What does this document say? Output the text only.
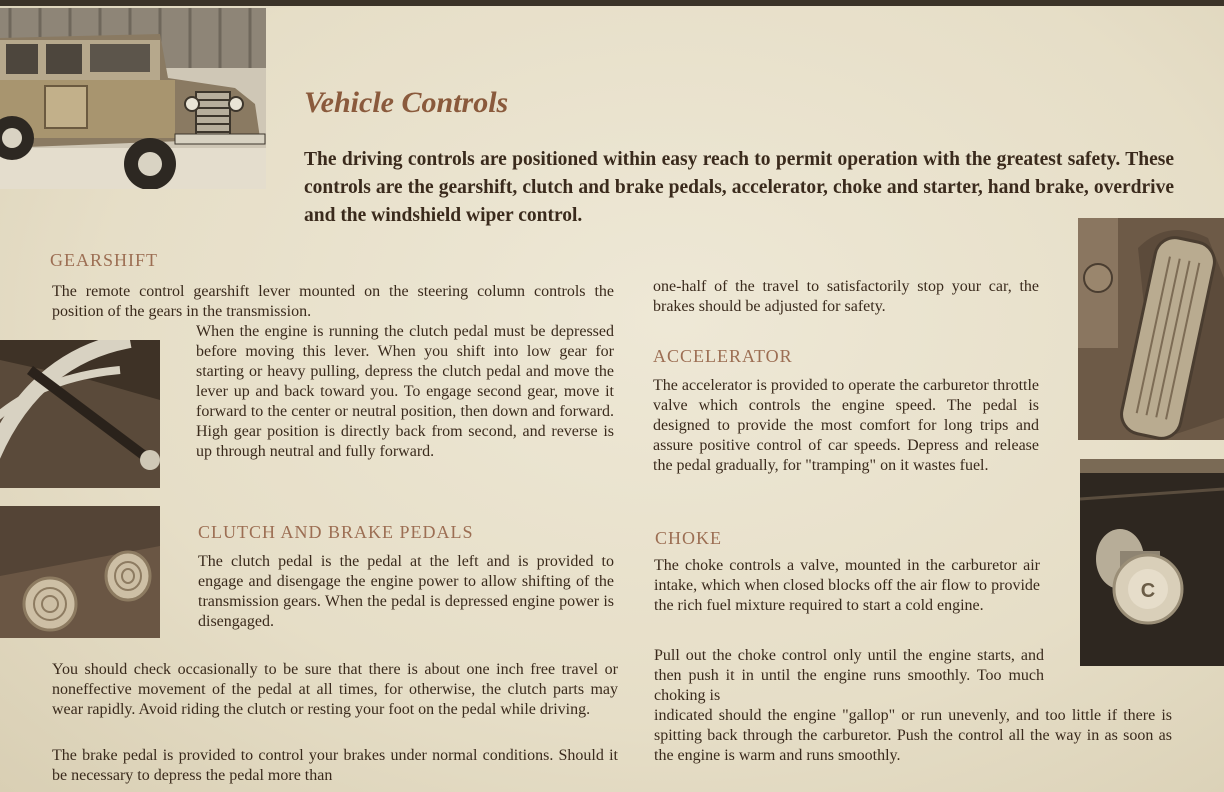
Vehicle Controls

The driving controls are positioned within easy reach to permit operation with the greatest safety. These controls are the gearshift, clutch and brake pedals, accelerator, choke and starter, hand brake, overdrive and the windshield wiper control.

GEARSHIFT

The remote control gearshift lever mounted on the steering column controls the position of the gears in the transmission.

When the engine is running the clutch pedal must be depressed before moving this lever. When you shift into low gear for starting or heavy pulling, depress the clutch pedal and move the lever up and back toward you. To engage second gear, move it forward to the center or neutral position, then down and forward. High gear position is directly back from second, and reverse is up through neutral and fully forward.

CLUTCH AND BRAKE PEDALS

The clutch pedal is the pedal at the left and is provided to engage and disengage the engine power to allow shifting of the transmission gears. When the pedal is depressed engine power is disengaged.

You should check occasionally to be sure that there is about one inch free travel or noneffective movement of the pedal at all times, for otherwise, the clutch parts may wear rapidly. Avoid riding the clutch or resting your foot on the pedal while driving.

The brake pedal is provided to control your brakes under normal conditions. Should it be necessary to depress the pedal more than

one-half of the travel to satisfactorily stop your car, the brakes should be adjusted for safety.

ACCELERATOR

The accelerator is provided to operate the carburetor throttle valve which controls the engine speed. The pedal is designed to provide the most comfort for long trips and assure positive control of car speeds. Depress and release the pedal gradually, for "tramping" on it wastes fuel.

CHOKE

The choke controls a valve, mounted in the carburetor air intake, which when closed blocks off the air flow to provide the rich fuel mixture required to start a cold engine.

Pull out the choke control only until the engine starts, and then push it in until the engine runs smoothly. Too much choking is

indicated should the engine "gallop" or run unevenly, and too little if there is spitting back through the carburetor. Push the control all the way in as soon as the engine is warm and runs smoothly.

C
